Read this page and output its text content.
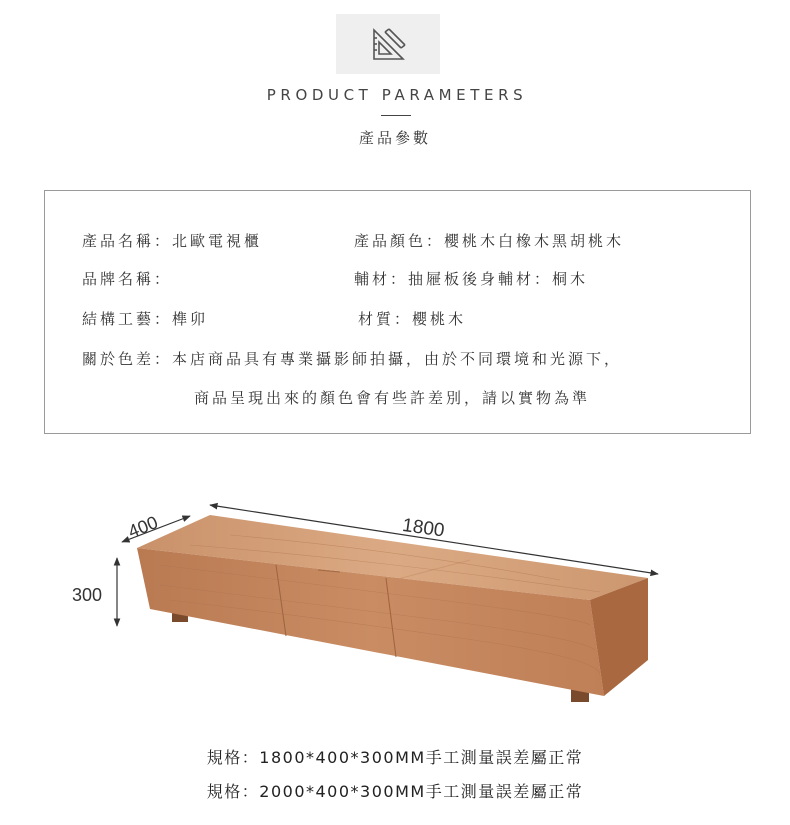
PRODUCT PARAMETERS
產品參數
產品名稱：北歐電視櫃	產品顏色：櫻桃木白橡木黑胡桃木
品牌名稱：	輔材：抽屜板後身輔材：桐木
結構工藝：榫卯	材質：櫻桃木
關於色差：本店商品具有專業攝影師拍攝，由於不同環境和光源下，
商品呈現出來的顏色會有些許差別，請以實物為準
400	1800
300
規格：1800*400*300MM手工測量誤差屬正常
規格：2000*400*300MM手工測量誤差屬正常
